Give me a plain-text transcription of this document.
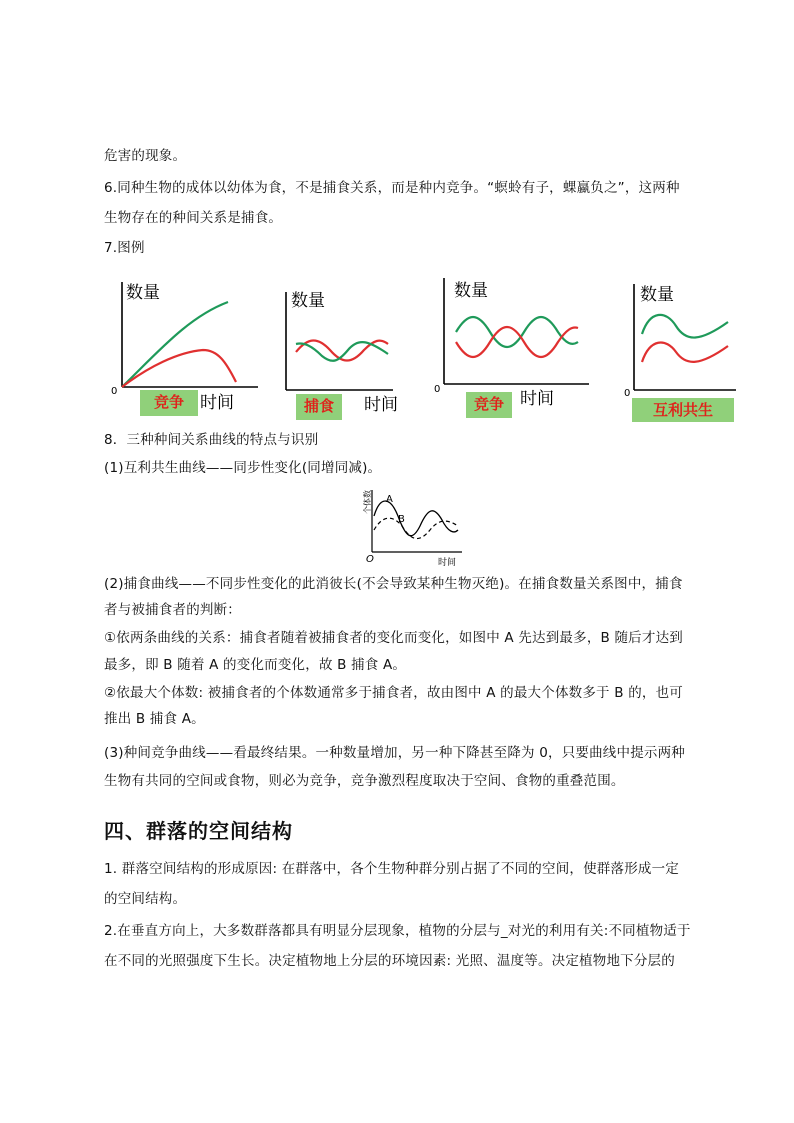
危害的现象。
6.同种生物的成体以幼体为食，不是捕食关系，而是种内竞争。“螟蛉有子，蜾蠃负之”，这两种
生物存在的种间关系是捕食。
7.图例
数量
0
时间
竞争
数量
时间
捕食
数量
0	时间
竞争
数量
0
互利共生
8．三种种间关系曲线的特点与识别
(1)互利共生曲线——同步性变化(同增同减)。
个体数 A
B
O	时间
(2)捕食曲线——不同步性变化的此消彼长(不会导致某种生物灭绝)。在捕食数量关系图中，捕食
者与被捕食者的判断：
①依两条曲线的关系：捕食者随着被捕食者的变化而变化，如图中 A 先达到最多，B 随后才达到
最多，即 B 随着 A 的变化而变化，故 B 捕食 A。
②依最大个体数: 被捕食者的个体数通常多于捕食者，故由图中 A 的最大个体数多于 B 的，也可
推出 B 捕食 A。
(3)种间竞争曲线——看最终结果。一种数量增加，另一种下降甚至降为 0，只要曲线中提示两种
生物有共同的空间或食物，则必为竞争，竞争激烈程度取决于空间、食物的重叠范围。
四、群落的空间结构
1. 群落空间结构的形成原因: 在群落中，各个生物种群分别占据了不同的空间，使群落形成一定
的空间结构。
2.在垂直方向上，大多数群落都具有明显分层现象，植物的分层与_对光的利用有关:不同植物适于
在不同的光照强度下生长。决定植物地上分层的环境因素: 光照、温度等。决定植物地下分层的
